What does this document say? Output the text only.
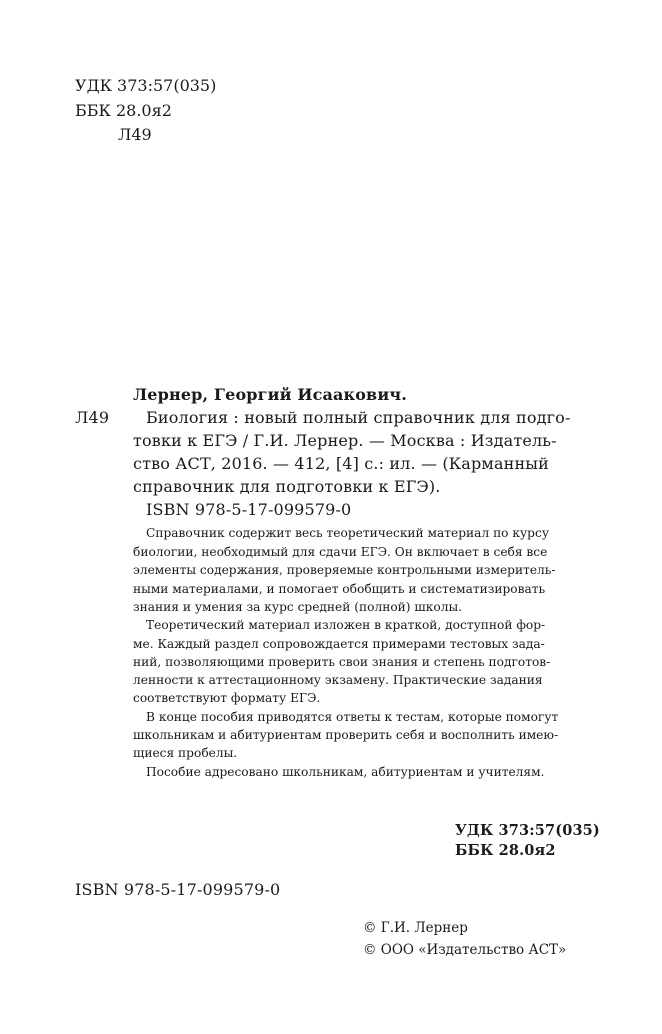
УДК 373:57(035)
ББК 28.0я2
Л49
Лернер, Георгий Исаакович.
Л49 Биология : новый полный справочник для подго-
товки к ЕГЭ / Г.И. Лернер. — Москва : Издатель-
ство АСТ, 2016. — 412, [4] с.: ил. — (Карманный
справочник для подготовки к ЕГЭ).
ISBN 978-5-17-099579-0
Справочник содержит весь теоретический материал по курсу
биологии, необходимый для сдачи ЕГЭ. Он включает в себя все
элементы содержания, проверяемые контрольными измеритель-
ными материалами, и помогает обобщить и систематизировать
знания и умения за курс средней (полной) школы.
Теоретический материал изложен в краткой, доступной фор-
ме. Каждый раздел сопровождается примерами тестовых зада-
ний, позволяющими проверить свои знания и степень подготов-
ленности к аттестационному экзамену. Практические задания
соответствуют формату ЕГЭ.
В конце пособия приводятся ответы к тестам, которые помогут
школьникам и абитуриентам проверить себя и восполнить имею-
щиеся пробелы.
Пособие адресовано школьникам, абитуриентам и учителям.
УДК 373:57(035)
ББК 28.0я2
ISBN 978-5-17-099579-0
© Г.И. Лернер
© ООО «Издательство АСТ»
